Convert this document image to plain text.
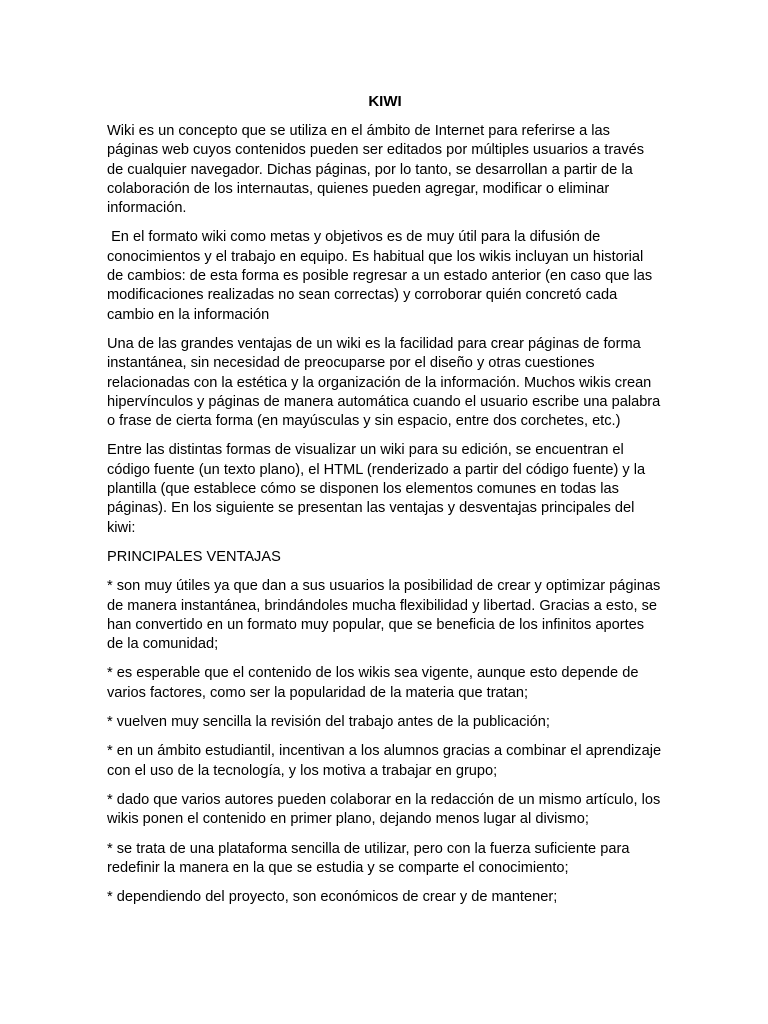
KIWI

Wiki es un concepto que se utiliza en el ámbito de Internet para referirse a las páginas web cuyos contenidos pueden ser editados por múltiples usuarios a través de cualquier navegador. Dichas páginas, por lo tanto, se desarrollan a partir de la colaboración de los internautas, quienes pueden agregar, modificar o eliminar información.

En el formato wiki como metas y objetivos es de muy útil para la difusión de conocimientos y el trabajo en equipo. Es habitual que los wikis incluyan un historial de cambios: de esta forma es posible regresar a un estado anterior (en caso que las modificaciones realizadas no sean correctas) y corroborar quién concretó cada cambio en la información

Una de las grandes ventajas de un wiki es la facilidad para crear páginas de forma instantánea, sin necesidad de preocuparse por el diseño y otras cuestiones relacionadas con la estética y la organización de la información. Muchos wikis crean hipervínculos y páginas de manera automática cuando el usuario escribe una palabra o frase de cierta forma (en mayúsculas y sin espacio, entre dos corchetes, etc.)

Entre las distintas formas de visualizar un wiki para su edición, se encuentran el código fuente (un texto plano), el HTML (renderizado a partir del código fuente) y la plantilla (que establece cómo se disponen los elementos comunes en todas las páginas). En los siguiente se presentan las ventajas y desventajas principales del kiwi:

PRINCIPALES VENTAJAS

* son muy útiles ya que dan a sus usuarios la posibilidad de crear y optimizar páginas de manera instantánea, brindándoles mucha flexibilidad y libertad. Gracias a esto, se han convertido en un formato muy popular, que se beneficia de los infinitos aportes de la comunidad;

* es esperable que el contenido de los wikis sea vigente, aunque esto depende de varios factores, como ser la popularidad de la materia que tratan;

* vuelven muy sencilla la revisión del trabajo antes de la publicación;

* en un ámbito estudiantil, incentivan a los alumnos gracias a combinar el aprendizaje con el uso de la tecnología, y los motiva a trabajar en grupo;

* dado que varios autores pueden colaborar en la redacción de un mismo artículo, los wikis ponen el contenido en primer plano, dejando menos lugar al divismo;

* se trata de una plataforma sencilla de utilizar, pero con la fuerza suficiente para redefinir la manera en la que se estudia y se comparte el conocimiento;

* dependiendo del proyecto, son económicos de crear y de mantener;
